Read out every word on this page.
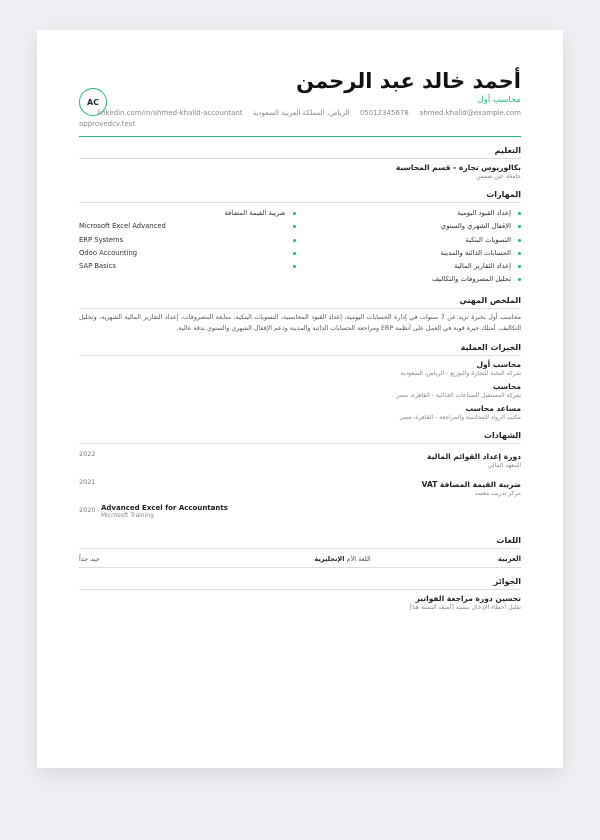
أحمد خالد عبد الرحمن
محاسب أول
05012345678 ahmed.khalid@example.com الرياض، المملكة العربية السعودية linkedin.com/in/ahmed-khalid-accountant
approvedcv.test
AC
التعليم
بكالوريوس تجارة - قسم المحاسبة
جامعة عين شمس
المهارات
إعداد القيود اليومية
الإقفال الشهري والسنوي
التسويات البنكية
الحسابات الدائنة والمدينة
إعداد التقارير المالية
تحليل المصروفات والتكاليف
ضريبة القيمة المضافة
Microsoft Excel Advanced
ERP Systems
Odoo Accounting
SAP Basics
الملخص المهني
محاسب أول بخبرة تزيد عن 7 سنوات في إدارة الحسابات اليومية، إعداد القيود المحاسبية، التسويات البنكية، متابعة المصروفات، إعداد التقارير المالية الشهرية، وتحليل التكاليف. أمتلك خبرة قوية في العمل على أنظمة ERP ومراجعة الحسابات الدائنة والمدينة ودعم الإقفال الشهري والسنوي بدقة عالية.
الخبرات العملية
محاسب أول
شركة النخبة للتجارة والتوزيع - الرياض، السعودية
محاسب
شركة المستقبل للصناعات الغذائية - القاهرة، مصر
مساعد محاسب
مكتب الرواد للمحاسبة والمراجعة - القاهرة، مصر
الشهادات
دورة إعداد القوائم المالية
المعهد المالي
2022
ضريبة القيمة المضافة VAT
مركز تدريب معتمد
2021
2020 Advanced Excel for Accountants
Microsoft Training
اللغات
العربية
اللغة الأم الإنجليزية
جيد جداً
الجوائز
تحسين دورة مراجعة الفواتير
تقليل أخطاء الإدخال بنسبة [أضف النسبة هنا]
